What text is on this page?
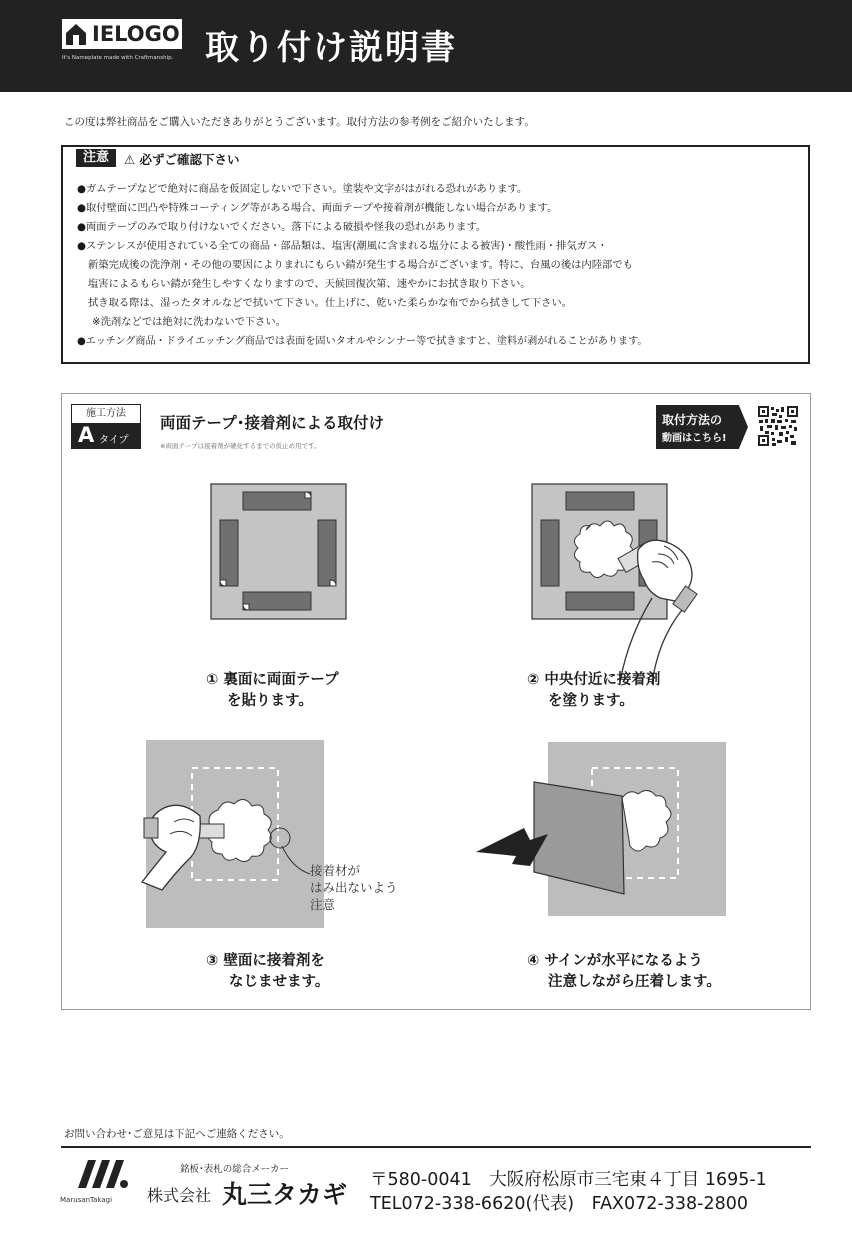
IELOGO
It's Nameplate made with Craftmanship. 取り付け説明書
この度は弊社商品をご購入いただきありがとうございます。取付方法の参考例をご紹介いたします。
注意	⚠ 必ずご確認下さい
●ガムテープなどで絶対に商品を仮固定しないで下さい。塗装や文字がはがれる恐れがあります。
●取付壁面に凹凸や特殊コーティング等がある場合、両面テープや接着剤が機能しない場合があります。
●両面テープのみで取り付けないでください。落下による破損や怪我の恐れがあります。
●ステンレスが使用されている全ての商品・部品類は、塩害(潮風に含まれる塩分による被害)・酸性雨・排気ガス・
新築完成後の洗浄剤・その他の要因によりまれにもらい錆が発生する場合がございます。特に、台風の後は内陸部でも
塩害によるもらい錆が発生しやすくなりますので、天候回復次第、速やかにお拭き取り下さい。
拭き取る際は、湿ったタオルなどで拭いて下さい。仕上げに、乾いた柔らかな布でから拭きして下さい。
※洗剤などでは絶対に洗わないで下さい。
●エッチング商品・ドライエッチング商品では表面を固いタオルやシンナー等で拭きますと、塗料が剥がれることがあります。
施工方法
A タイプ
両面テープ･接着剤による取付け
※両面テープは接着剤が硬化するまでの仮止め用です。
取付方法の
動画はこちら!
① 裏面に両面テープ
を貼ります。
② 中央付近に接着剤
を塗ります。
接着材が
はみ出ないよう
注意
③ 壁面に接着剤を
なじませます。
④ サインが水平になるよう
注意しながら圧着します。
お問い合わせ･ご意見は下記へご連絡ください。
MarusanTakagi
銘板･表札の総合メーカー
株式会社 丸三タカギ 〒580-0041　大阪府松原市三宅東４丁目 1695-1
TEL072-338-6620(代表)　FAX072-338-2800
